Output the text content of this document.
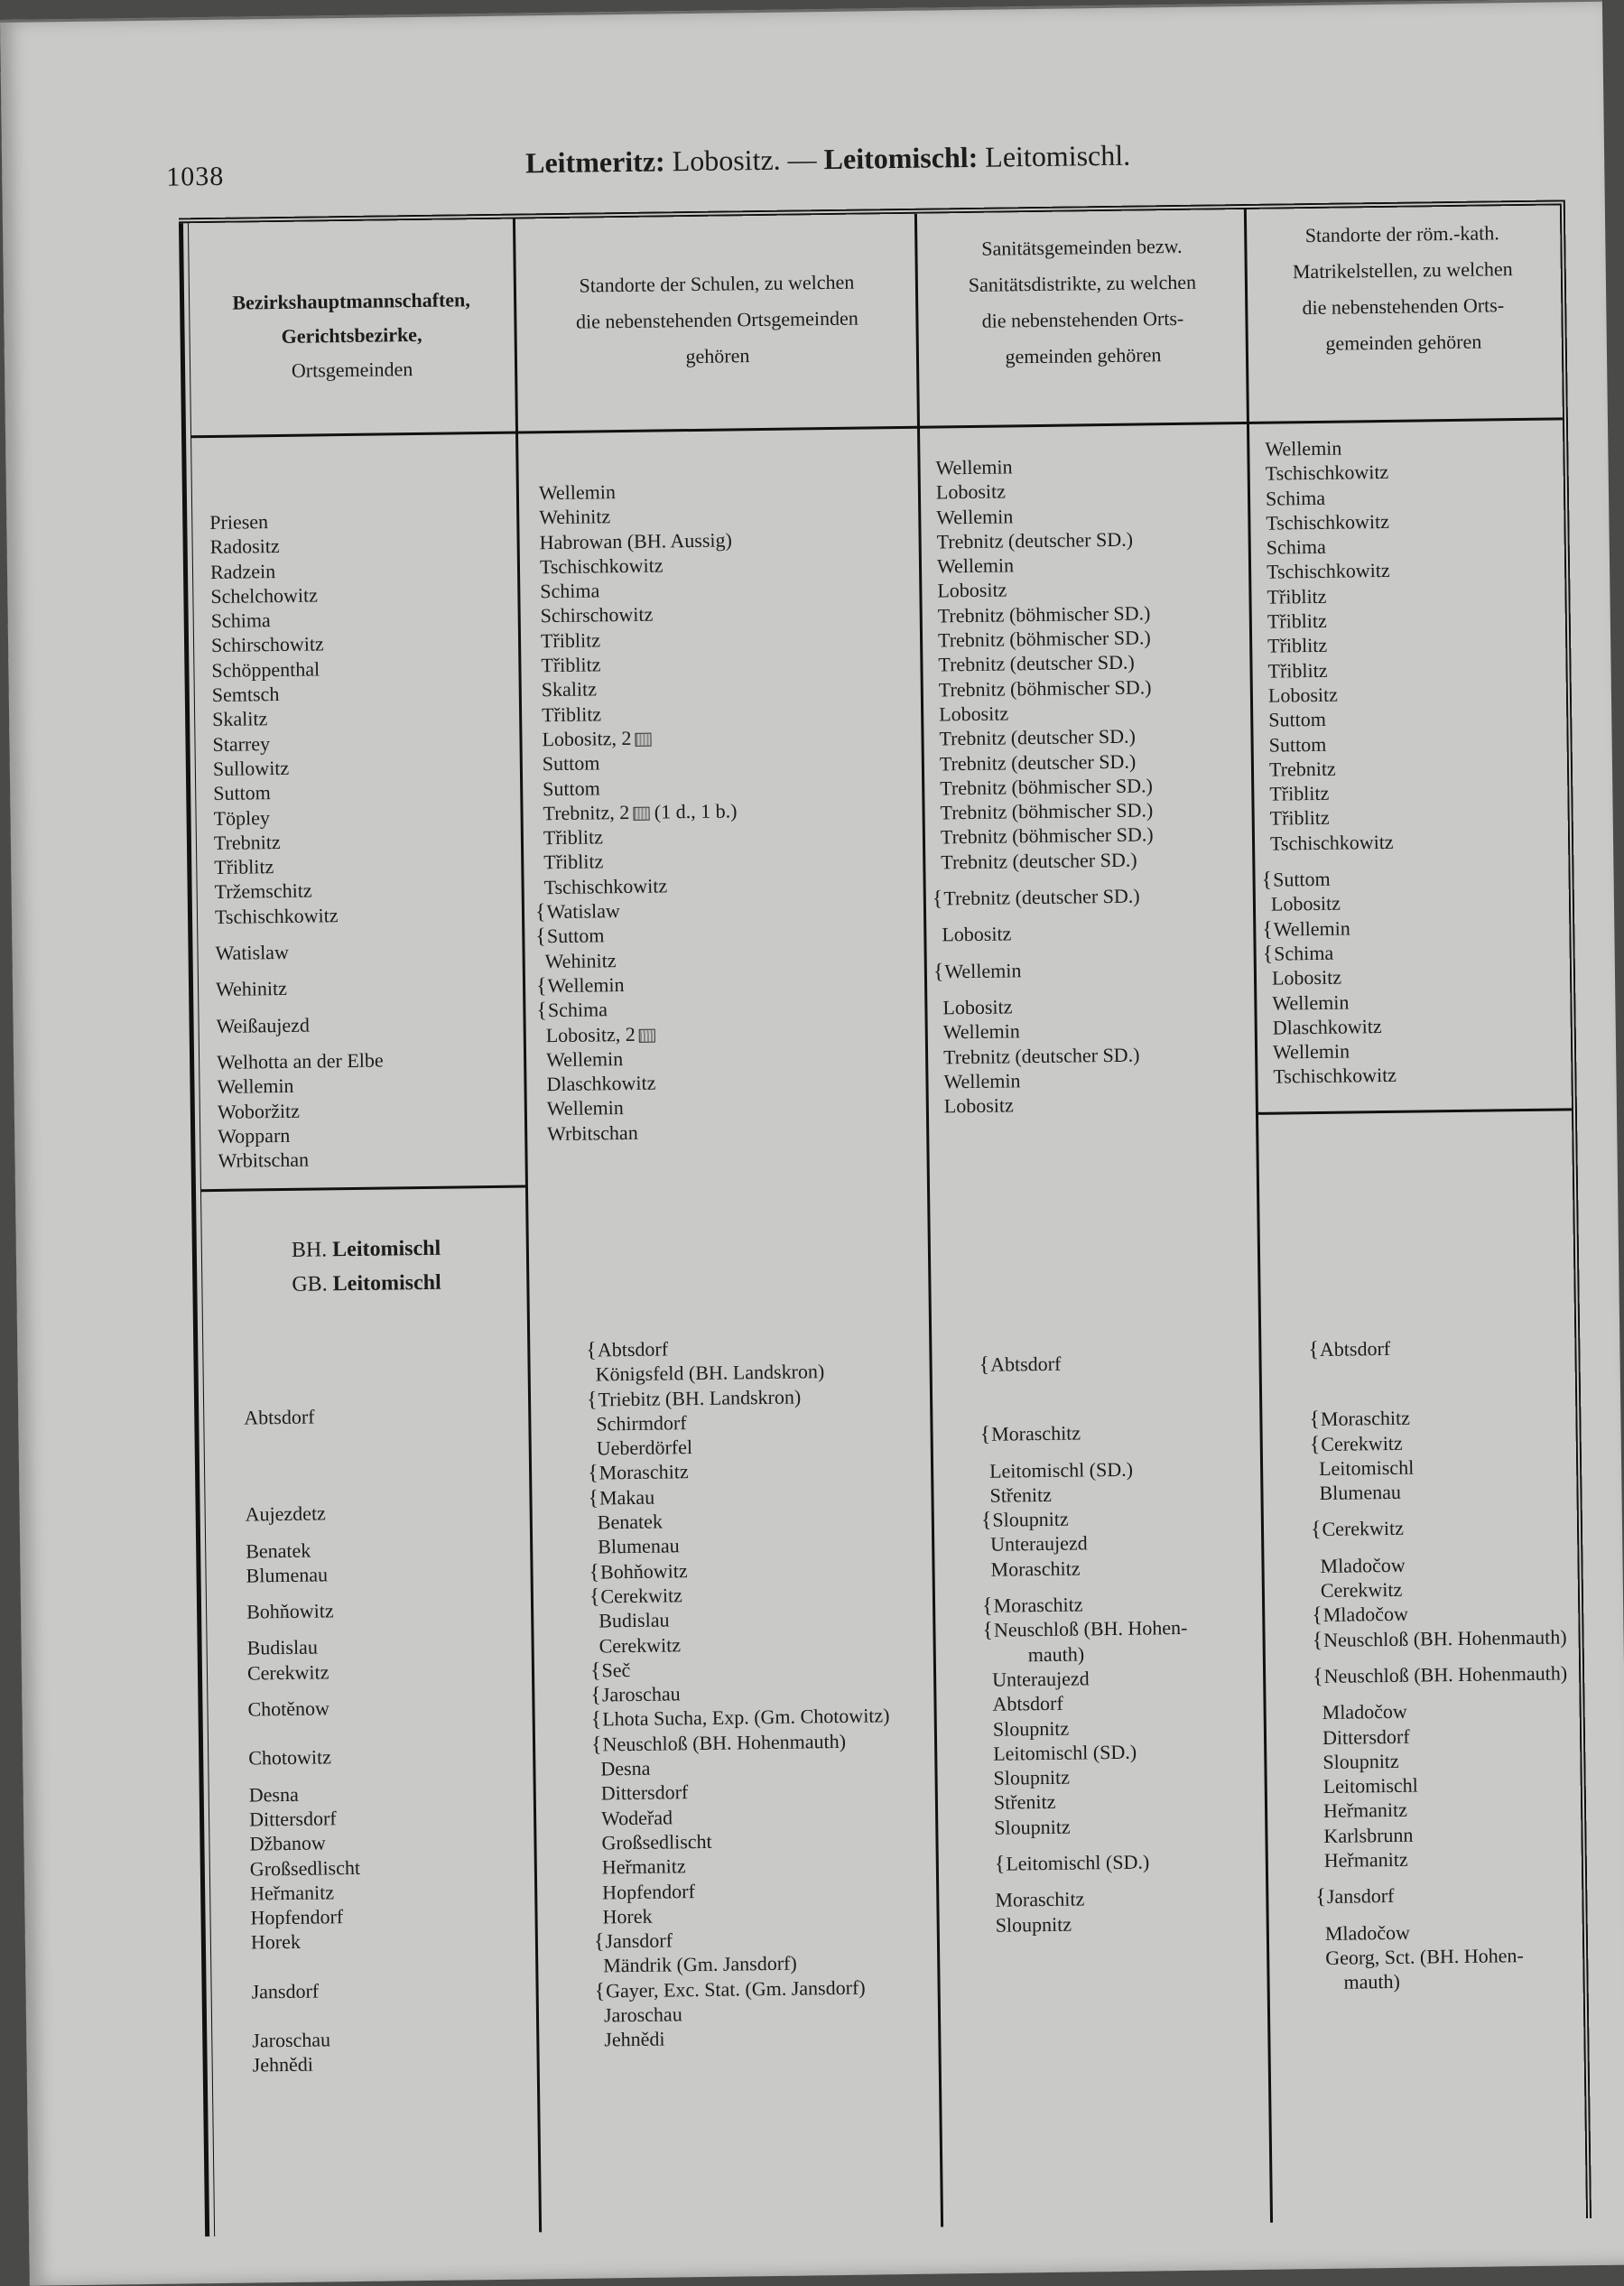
1038	Leitmeritz: Lobositz. — Leitomischl: Leitomischl.
Bezirkshauptmannschaften,
Gerichtsbezirke,
Ortsgemeinden
Standorte der Schulen, zu welchen
die nebenstehenden Ortsgemeinden
gehören
Sanitätsgemeinden bezw.
Sanitätsdistrikte, zu welchen
die nebenstehenden Orts-
gemeinden gehören
Standorte der röm.-kath.
Matrikelstellen, zu welchen
die nebenstehenden Orts-
gemeinden gehören
Priesen
Radositz
Radzein
Schelchowitz
Schima
Schirschowitz
Schöppenthal
Semtsch
Skalitz
Starrey
Sullowitz
Suttom
Töpley
Trebnitz
Třiblitz
Tržemschitz
Tschischkowitz
Watislaw
Wehinitz
Weißaujezd
Welhotta an der Elbe
Wellemin
Woboržitz
Wopparn
Wrbitschan
Wellemin
Wehinitz
Habrowan (BH. Aussig)
Tschischkowitz
Schima
Schirschowitz
Třiblitz
Třiblitz
Skalitz
Třiblitz
Lobositz, 2
Suttom
Suttom
Trebnitz, 2 (1 d., 1 b.)
Třiblitz
Třiblitz
Tschischkowitz
{ Watislaw
{ Suttom
Wehinitz
{ Wellemin
{ Schima
Lobositz, 2
Wellemin
Dlaschkowitz
Wellemin
Wrbitschan
Wellemin
Lobositz
Wellemin
Trebnitz (deutscher SD.)
Wellemin
Lobositz
Trebnitz (böhmischer SD.)
Trebnitz (böhmischer SD.)
Trebnitz (deutscher SD.)
Trebnitz (böhmischer SD.)
Lobositz
Trebnitz (deutscher SD.)
Trebnitz (deutscher SD.)
Trebnitz (böhmischer SD.)
Trebnitz (böhmischer SD.)
Trebnitz (böhmischer SD.)
Trebnitz (deutscher SD.)
{ Trebnitz (deutscher SD.)
Lobositz
{ Wellemin
Lobositz
Wellemin
Trebnitz (deutscher SD.)
Wellemin
Lobositz
Wellemin
Tschischkowitz
Schima
Tschischkowitz
Schima
Tschischkowitz
Třiblitz
Třiblitz
Třiblitz
Třiblitz
Lobositz
Suttom
Suttom
Trebnitz
Třiblitz
Třiblitz
Tschischkowitz
{ Suttom
Lobositz
{ Wellemin
{ Schima
Lobositz
Wellemin
Dlaschkowitz
Wellemin
Tschischkowitz
BH. Leitomischl
GB. Leitomischl
Abtsdorf
Aujezdetz
Benatek
Blumenau
Bohňowitz
Budislau
Cerekwitz
Chotěnow
Chotowitz
Desna
Dittersdorf
Džbanow
Großsedlischt
Heřmanitz
Hopfendorf
Horek
Jansdorf
Jaroschau
Jehnědi
{ Abtsdorf
Königsfeld (BH. Landskron)
{ Triebitz (BH. Landskron)
Schirmdorf
Ueberdörfel
{ Moraschitz
{ Makau
Benatek
Blumenau
{ Bohňowitz
{ Cerekwitz
Budislau
Cerekwitz
{ Seč
{ Jaroschau
{ Lhota Sucha, Exp. (Gm. Chotowitz)
{ Neuschloß (BH. Hohenmauth)
Desna
Dittersdorf
Wodeřad
Großsedlischt
Heřmanitz
Hopfendorf
Horek
{ Jansdorf
Mändrik (Gm. Jansdorf)
{ Gayer, Exc. Stat. (Gm. Jansdorf)
Jaroschau
Jehnědi
{ Abtsdorf
{ Moraschitz
Leitomischl (SD.)
Střenitz
{ Sloupnitz
Unteraujezd
Moraschitz
{ Moraschitz
{ Neuschloß (BH. Hohen-
mauth)
Unteraujezd
Abtsdorf
Sloupnitz
Leitomischl (SD.)
Sloupnitz
Střenitz
Sloupnitz
{ Leitomischl (SD.)
Moraschitz
Sloupnitz
{ Abtsdorf
{ Moraschitz
{ Cerekwitz
Leitomischl
Blumenau
{ Cerekwitz
Mladočow
Cerekwitz
{ Mladočow
{ Neuschloß (BH. Hohenmauth)
{ Neuschloß (BH. Hohenmauth)
Mladočow
Dittersdorf
Sloupnitz
Leitomischl
Heřmanitz
Karlsbrunn
Heřmanitz
{ Jansdorf
Mladočow
Georg, Sct. (BH. Hohen-
mauth)
